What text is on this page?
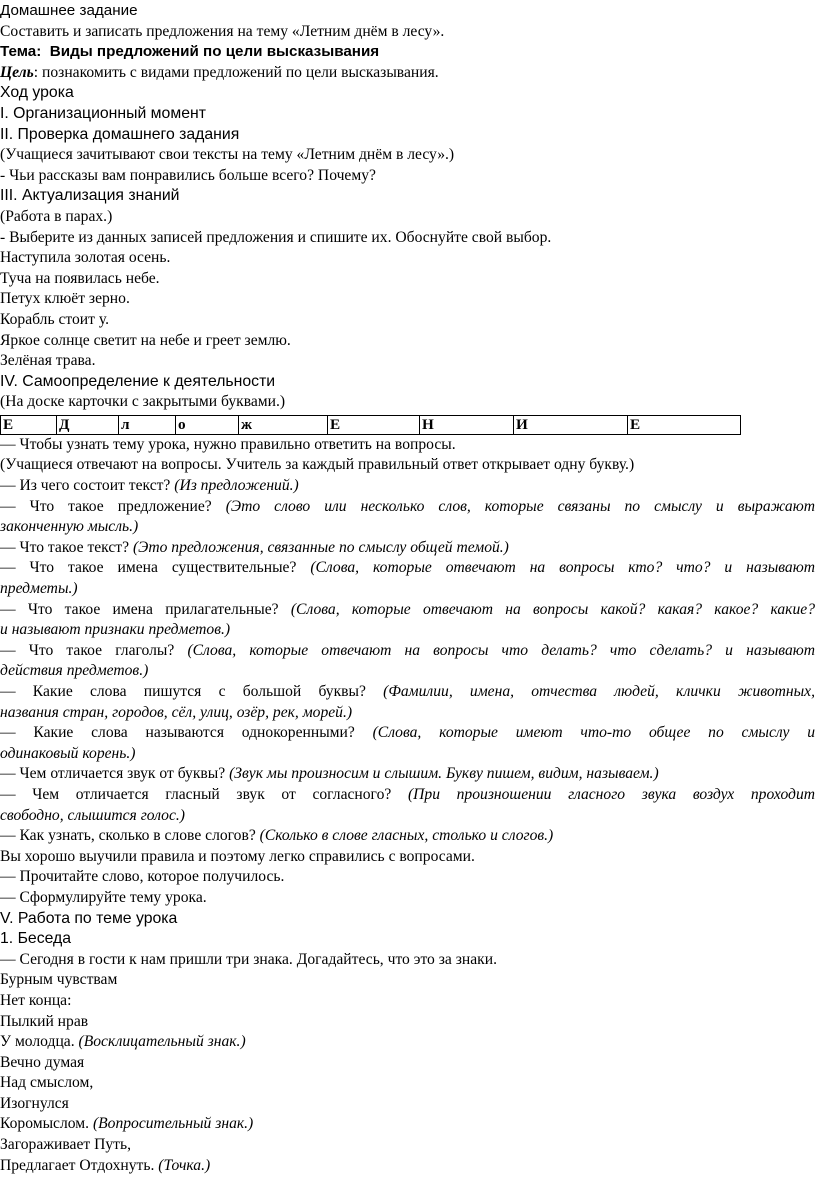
Домашнее задание
Составить и записать предложения на тему «Летним днём в лесу».
Тема: Виды предложений по цели высказывания
Цель: познакомить с видами предложений по цели высказывания.
Ход урока
I. Организационный момент
II. Проверка домашнего задания
(Учащиеся зачитывают свои тексты на тему «Летним днём в лесу».)
- Чьи рассказы вам понравились больше всего? Почему?
III. Актуализация знаний
(Работа в парах.)
- Выберите из данных записей предложения и спишите их. Обоснуйте свой выбор.
Наступила золотая осень.
Туча на появилась небе.
Петух клюёт зерно.
Корабль стоит у.
Яркое солнце светит на небе и греет землю.
Зелёная трава.
IV. Самоопределение к деятельности
(На доске карточки с закрытыми буквами.)
Е	Д	л	о	ж	Е	Н	И	Е
— Чтобы узнать тему урока, нужно правильно ответить на вопросы.
(Учащиеся отвечают на вопросы. Учитель за каждый правильный ответ открывает одну букву.)
— Из чего состоит текст? (Из предложений.)
— Что такое предложение? (Это слово или несколько слов, которые связаны по смыслу и выражают
законченную мысль.)
— Что такое текст? (Это предложения, связанные по смыслу общей темой.)
— Что такое имена существительные? (Слова, которые отвечают на вопросы кто? что? и называют
предметы.)
— Что такое имена прилагательные? (Слова, которые отвечают на вопросы какой? какая? какое? какие?
и называют признаки предметов.)
— Что такое глаголы? (Слова, которые отвечают на вопросы что делать? что сделать? и называют
действия предметов.)
— Какие слова пишутся с большой буквы? (Фамилии, имена, отчества людей, клички животных,
названия стран, городов, сёл, улиц, озёр, рек, морей.)
— Какие слова называются однокоренными? (Слова, которые имеют что-то общее по смыслу и
одинаковый корень.)
— Чем отличается звук от буквы? (Звук мы произносим и слышим. Букву пишем, видим, называем.)
— Чем отличается гласный звук от согласного? (При произношении гласного звука воздух проходит
свободно, слышится голос.)
— Как узнать, сколько в слове слогов? (Сколько в слове гласных, столько и слогов.)
Вы хорошо выучили правила и поэтому легко справились с вопросами.
— Прочитайте слово, которое получилось.
— Сформулируйте тему урока.
V. Работа по теме урока
1. Беседа
— Сегодня в гости к нам пришли три знака. Догадайтесь, что это за знаки.
Бурным чувствам
Нет конца:
Пылкий нрав
У молодца. (Восклицательный знак.)
Вечно думая
Над смыслом,
Изогнулся
Коромыслом. (Вопросительный знак.)
Загораживает Путь,
Предлагает Отдохнуть. (Точка.)
